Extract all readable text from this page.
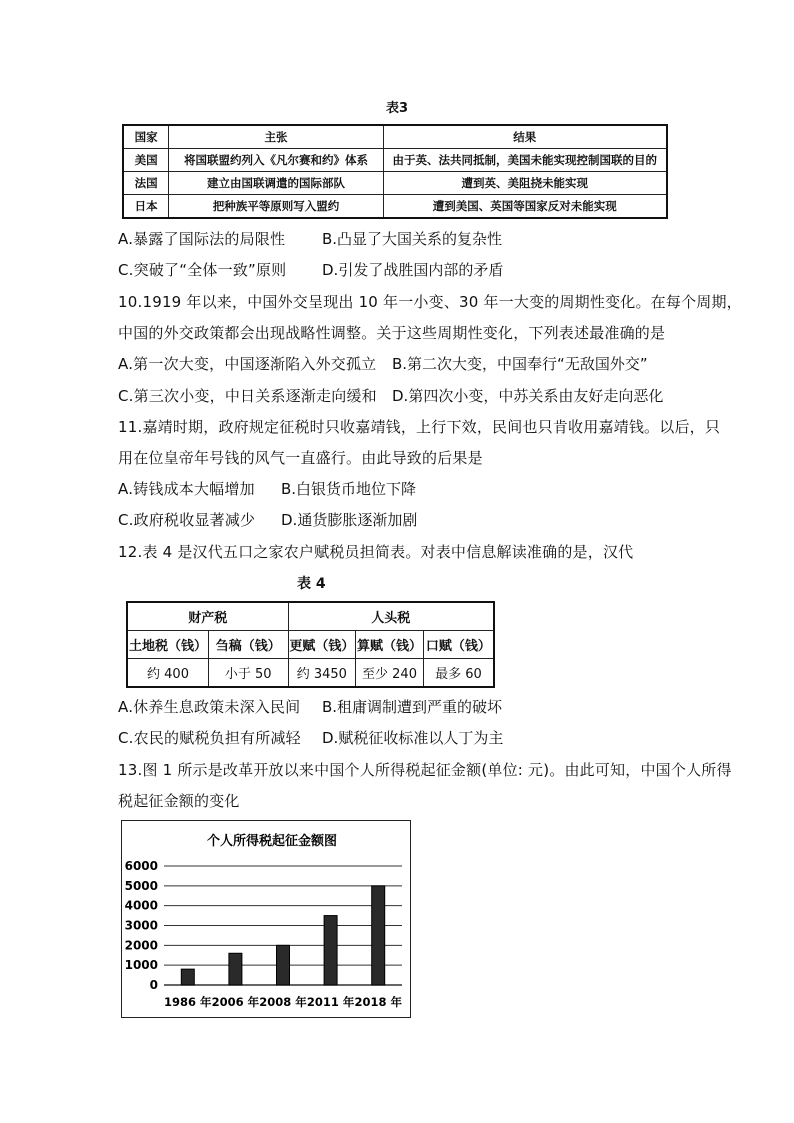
表3
国家	主张	结果
美国	将国联盟约列入《凡尔赛和约》体系	由于英、法共同抵制，美国未能实现控制国联的目的
法国	建立由国联调遣的国际部队	遭到英、美阻挠未能实现
日本	把种族平等原则写入盟约	遭到美国、英国等国家反对未能实现
A.暴露了国际法的局限性 B.凸显了大国关系的复杂性
C.突破了“全体一致”原则 D.引发了战胜国内部的矛盾
10.1919 年以来，中国外交呈现出 10 年一小变、30 年一大变的周期性变化。在每个周期，
中国的外交政策都会出现战略性调整。关于这些周期性变化，下列表述最准确的是
A.第一次大变，中国逐渐陷入外交孤立 B.第二次大变，中国奉行“无敌国外交”
C.第三次小变，中日关系逐渐走向缓和 D.第四次小变，中苏关系由友好走向恶化
11.嘉靖时期，政府规定征税时只收嘉靖钱，上行下效，民间也只肯收用嘉靖钱。以后，只
用在位皇帝年号钱的风气一直盛行。由此导致的后果是
A.铸钱成本大幅增加 B.白银货币地位下降
C.政府税收显著减少 D.通货膨胀逐渐加剧
12.表 4 是汉代五口之家农户赋税员担简表。对表中信息解读准确的是，汉代
表 4
财产税		人头税		
土地税（钱）	刍稿（钱）	更赋（钱）	算赋（钱）	口赋（钱）
约 400	小于 50	约 3450	至少 240	最多 60
A.休养生息政策未深入民间 B.租庸调制遭到严重的破坏
C.农民的赋税负担有所减轻 D.赋税征收标准以人丁为主
13.图 1 所示是改革开放以来中国个人所得税起征金额(单位: 元)。由此可知，中国个人所得
税起征金额的变化
个人所得税起征金额图
0
1000
2000
3000
4000
5000
6000
1986 年 2006 年 2008 年 2011 年 2018 年
